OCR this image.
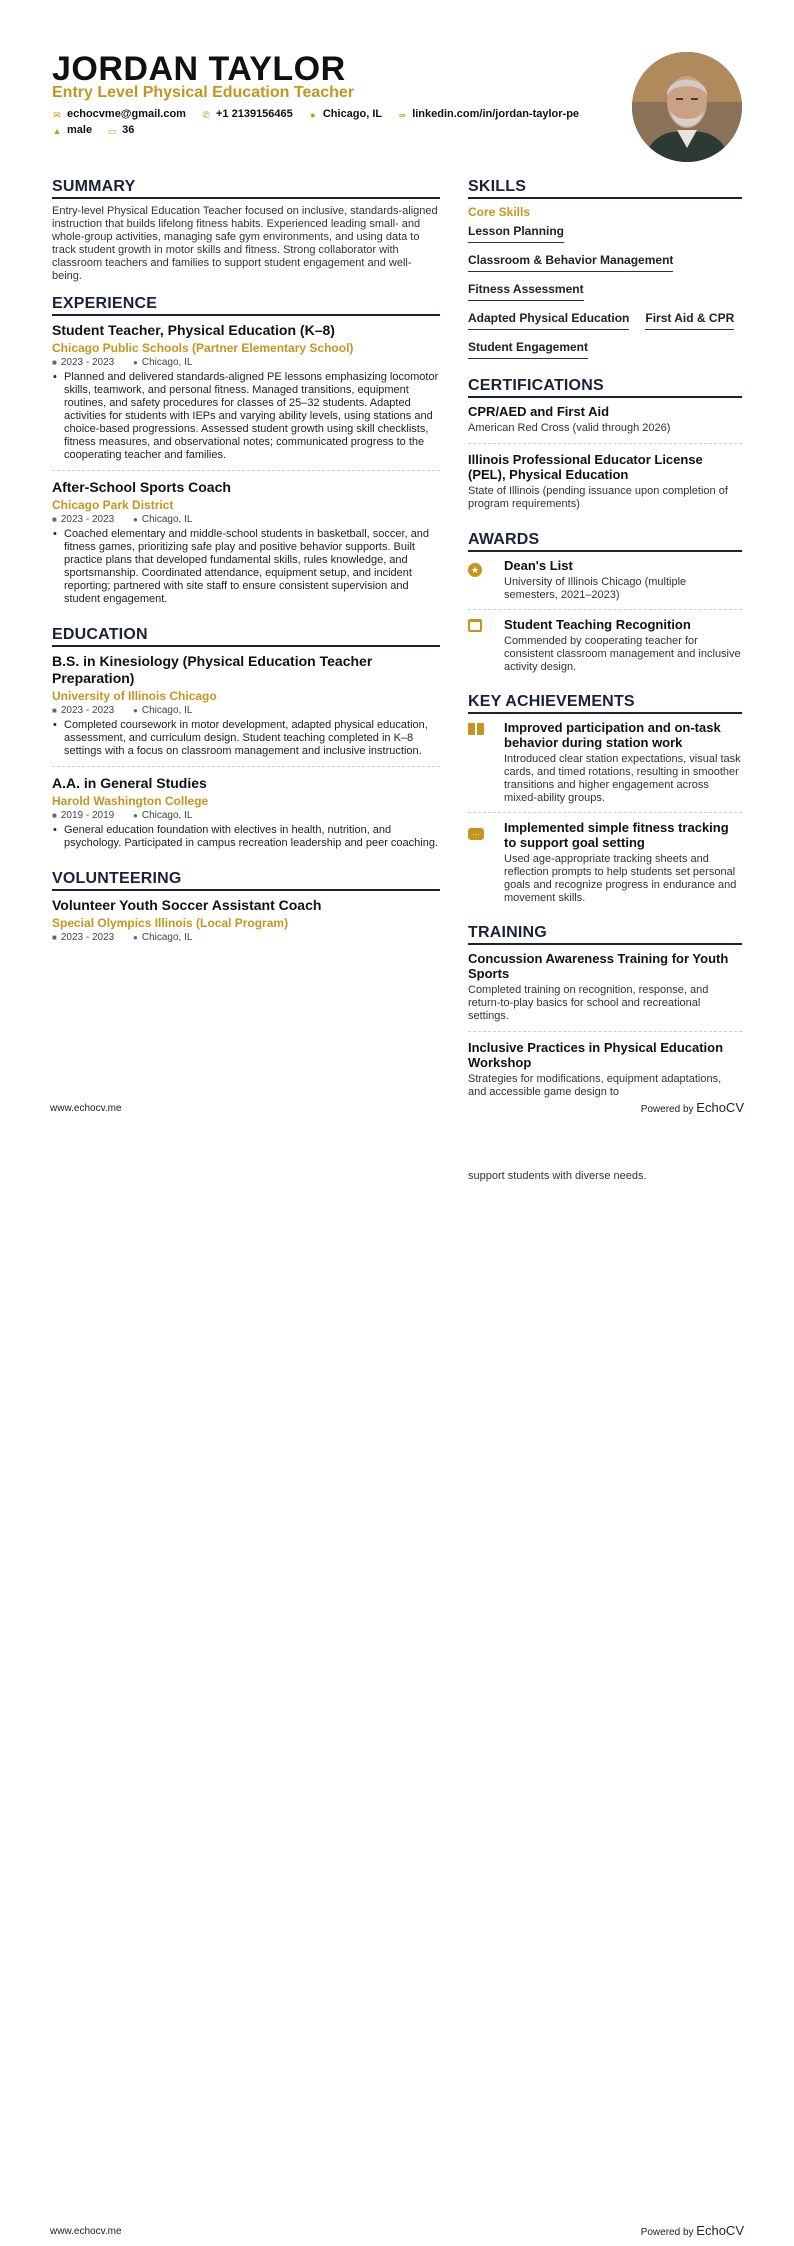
JORDAN TAYLOR
Entry Level Physical Education Teacher
✉ echocvme@gmail.com ✆ +1 2139156465 ● Chicago, IL ∞ linkedin.com/in/jordan-taylor-pe ▲ male ▭ 36
SUMMARY
Entry-level Physical Education Teacher focused on inclusive, standards-aligned instruction that builds lifelong fitness habits. Experienced leading small- and whole-group activities, managing safe gym environments, and using data to track student growth in motor skills and fitness. Strong collaborator with classroom teachers and families to support student engagement and well-being.
EXPERIENCE
Student Teacher, Physical Education (K–8)
Chicago Public Schools (Partner Elementary School)
■ 2023 - 2023 ● Chicago, IL
• Planned and delivered standards-aligned PE lessons emphasizing locomotor skills, teamwork, and personal fitness. Managed transitions, equipment routines, and safety procedures for classes of 25–32 students. Adapted activities for students with IEPs and varying ability levels, using stations and choice-based progressions. Assessed student growth using skill checklists, fitness measures, and observational notes; communicated progress to the cooperating teacher and families.
After-School Sports Coach
Chicago Park District
■ 2023 - 2023 ● Chicago, IL
• Coached elementary and middle-school students in basketball, soccer, and fitness games, prioritizing safe play and positive behavior supports. Built practice plans that developed fundamental skills, rules knowledge, and sportsmanship. Coordinated attendance, equipment setup, and incident reporting; partnered with site staff to ensure consistent supervision and student engagement.
EDUCATION
B.S. in Kinesiology (Physical Education Teacher Preparation)
University of Illinois Chicago
■ 2023 - 2023 ● Chicago, IL
• Completed coursework in motor development, adapted physical education, assessment, and curriculum design. Student teaching completed in K–8 settings with a focus on classroom management and inclusive instruction.
A.A. in General Studies
Harold Washington College
■ 2019 - 2019 ● Chicago, IL
• General education foundation with electives in health, nutrition, and psychology. Participated in campus recreation leadership and peer coaching.
VOLUNTEERING
Volunteer Youth Soccer Assistant Coach
Special Olympics Illinois (Local Program)
■ 2023 - 2023 ● Chicago, IL
SKILLS
Core Skills
Lesson Planning
Classroom & Behavior Management
Fitness Assessment
Adapted Physical Education First Aid & CPR
Student Engagement
CERTIFICATIONS
CPR/AED and First Aid
American Red Cross (valid through 2026)
Illinois Professional Educator License (PEL), Physical Education
State of Illinois (pending issuance upon completion of program requirements)
AWARDS
★	Dean's List
University of Illinois Chicago (multiple semesters, 2021–2023)
Student Teaching Recognition
Commended by cooperating teacher for consistent classroom management and inclusive activity design.
KEY ACHIEVEMENTS
Improved participation and on-task behavior during station work
Introduced clear station expectations, visual task cards, and timed rotations, resulting in smoother transitions and higher engagement across mixed-ability groups.
…	Implemented simple fitness tracking to support goal setting
Used age-appropriate tracking sheets and reflection prompts to help students set personal goals and recognize progress in endurance and movement skills.
TRAINING
Concussion Awareness Training for Youth Sports
Completed training on recognition, response, and return-to-play basics for school and recreational settings.
Inclusive Practices in Physical Education Workshop
Strategies for modifications, equipment adaptations, and accessible game design to
www.echocv.me	Powered by EchoCV
www.echocv.me	Powered by EchoCV
support students with diverse needs.
